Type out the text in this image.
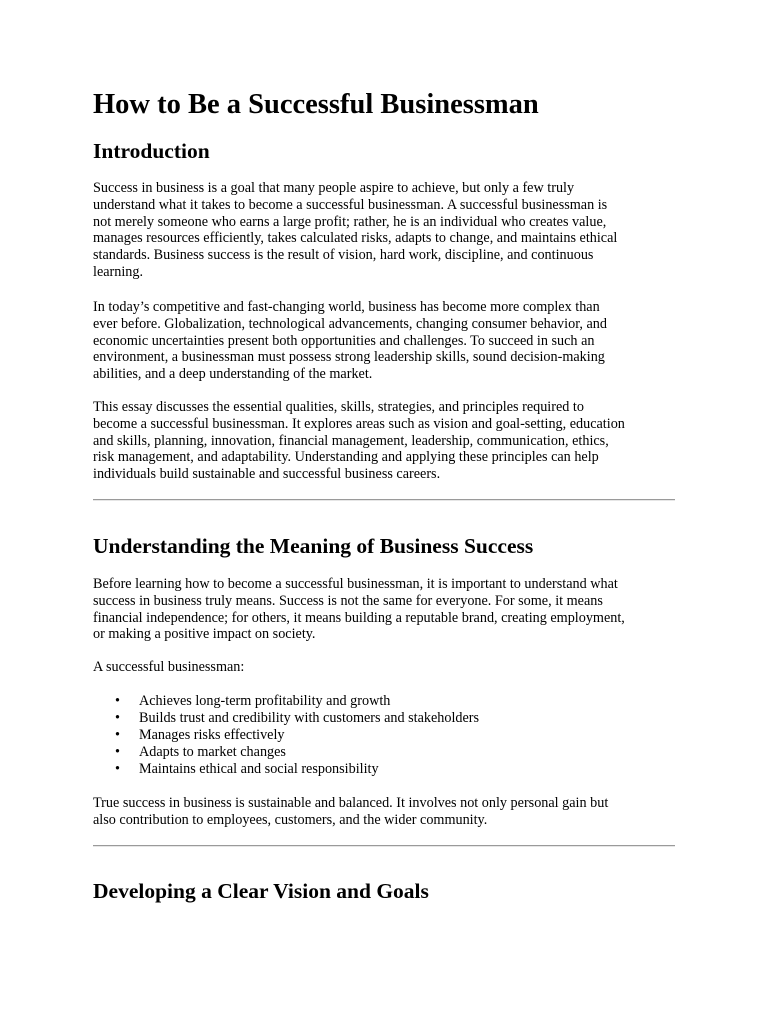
How to Be a Successful Businessman
Introduction

Success in business is a goal that many people aspire to achieve, but only a few truly
understand what it takes to become a successful businessman. A successful businessman is
not merely someone who earns a large profit; rather, he is an individual who creates value,
manages resources efficiently, takes calculated risks, adapts to change, and maintains ethical
standards. Business success is the result of vision, hard work, discipline, and continuous
learning.

In today’s competitive and fast-changing world, business has become more complex than
ever before. Globalization, technological advancements, changing consumer behavior, and
economic uncertainties present both opportunities and challenges. To succeed in such an
environment, a businessman must possess strong leadership skills, sound decision-making
abilities, and a deep understanding of the market.

This essay discusses the essential qualities, skills, strategies, and principles required to
become a successful businessman. It explores areas such as vision and goal-setting, education
and skills, planning, innovation, financial management, leadership, communication, ethics,
risk management, and adaptability. Understanding and applying these principles can help
individuals build sustainable and successful business careers.

Understanding the Meaning of Business Success

Before learning how to become a successful businessman, it is important to understand what
success in business truly means. Success is not the same for everyone. For some, it means
financial independence; for others, it means building a reputable brand, creating employment,
or making a positive impact on society.

A successful businessman:

• Achieves long-term profitability and growth
• Builds trust and credibility with customers and stakeholders
• Manages risks effectively
• Adapts to market changes
• Maintains ethical and social responsibility

True success in business is sustainable and balanced. It involves not only personal gain but
also contribution to employees, customers, and the wider community.

Developing a Clear Vision and Goals
